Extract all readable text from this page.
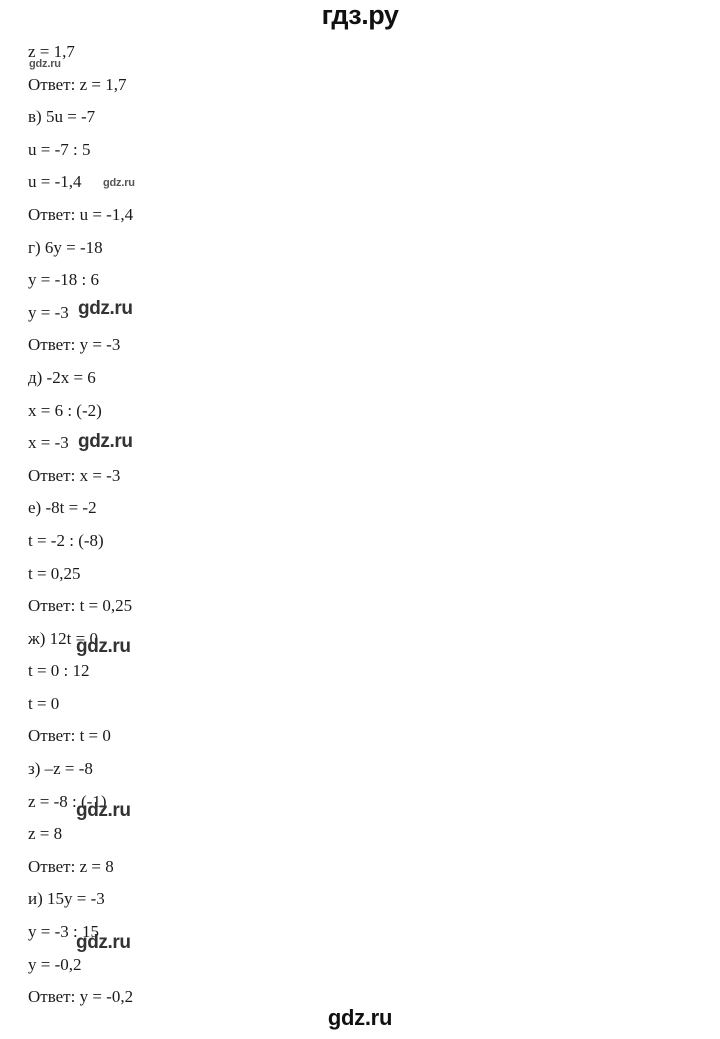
гдз.ру
z = 1,7
Ответ: z = 1,7
в) 5u = -7
u = -7 : 5
u = -1,4
Ответ: u = -1,4
г) 6y = -18
y = -18 : 6
y = -3
Ответ: y = -3
д) -2x = 6
x = 6 : (-2)
x = -3
Ответ: x = -3
е) -8t = -2
t = -2 : (-8)
t = 0,25
Ответ: t = 0,25
ж) 12t = 0
t = 0 : 12
t = 0
Ответ: t = 0
з) –z = -8
z = -8 : (-1)
z = 8
Ответ: z = 8
и) 15y = -3
y = -3 : 15
y = -0,2
Ответ: y = -0,2
gdz.ru
gdz.ru
gdz.ru
gdz.ru
gdz.ru
gdz.ru
gdz.ru
gdz.ru
